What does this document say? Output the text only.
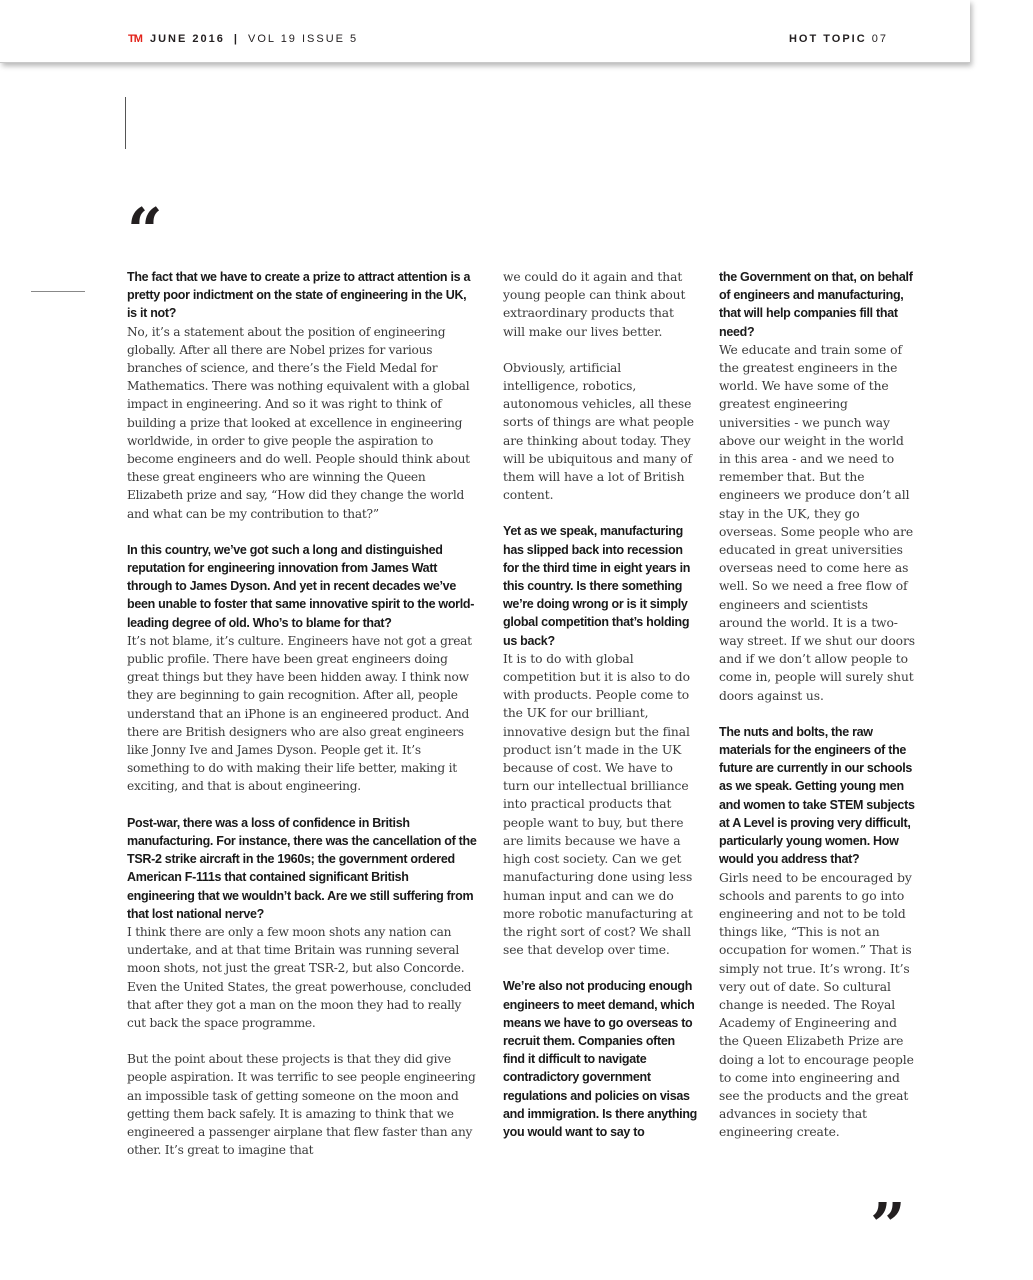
TM JUNE 2016 | VOL 19 ISSUE 5	HOT TOPIC 07
“

The fact that we have to create a prize to attract attention is a pretty poor indictment on the state of engineering in the UK, is it not?
No, it’s a statement about the position of engineering globally. After all there are Nobel prizes for various branches of science, and there’s the Field Medal for Mathematics. There was nothing equivalent with a global impact in engineering. And so it was right to think of building a prize that looked at excellence in engineering worldwide, in order to give people the aspiration to become engineers and do well. People should think about these great engineers who are winning the Queen Elizabeth prize and say, “How did they change the world and what can be my contribution to that?”

In this country, we’ve got such a long and distinguished reputation for engineering innovation from James Watt through to James Dyson. And yet in recent decades we’ve been unable to foster that same innovative spirit to the world-leading degree of old. Who’s to blame for that?
It’s not blame, it’s culture. Engineers have not got a great public profile. There have been great engineers doing great things but they have been hidden away. I think now they are beginning to gain recognition. After all, people understand that an iPhone is an engineered product. And there are British designers who are also great engineers like Jonny Ive and James Dyson. People get it. It’s something to do with making their life better, making it exciting, and that is about engineering.

Post-war, there was a loss of confidence in British manufacturing. For instance, there was the cancellation of the TSR-2 strike aircraft in the 1960s; the government ordered American F-111s that contained significant British engineering that we wouldn’t back. Are we still suffering from that lost national nerve?
I think there are only a few moon shots any nation can undertake, and at that time Britain was running several moon shots, not just the great TSR-2, but also Concorde. Even the United States, the great powerhouse, concluded that after they got a man on the moon they had to really cut back the space programme.

But the point about these projects is that they did give people aspiration. It was terrific to see people engineering an impossible task of getting someone on the moon and getting them back safely. It is amazing to think that we engineered a passenger airplane that flew faster than any other. It’s great to imagine that

we could do it again and that young people can think about extraordinary products that will make our lives better.

Obviously, artificial intelligence, robotics, autonomous vehicles, all these sorts of things are what people are thinking about today. They will be ubiquitous and many of them will have a lot of British content.

Yet as we speak, manufacturing has slipped back into recession for the third time in eight years in this country. Is there something we’re doing wrong or is it simply global competition that’s holding us back?
It is to do with global competition but it is also to do with products. People come to the UK for our brilliant, innovative design but the final product isn’t made in the UK because of cost. We have to turn our intellectual brilliance into practical products that people want to buy, but there are limits because we have a high cost society. Can we get manufacturing done using less human input and can we do more robotic manufacturing at the right sort of cost? We shall see that develop over time.

We’re also not producing enough engineers to meet demand, which means we have to go overseas to recruit them. Companies often find it difficult to navigate contradictory government regulations and policies on visas and immigration. Is there anything you would want to say to

the Government on that, on behalf of engineers and manufacturing, that will help companies fill that need?
We educate and train some of the greatest engineers in the world. We have some of the greatest engineering universities - we punch way above our weight in the world in this area - and we need to remember that. But the engineers we produce don’t all stay in the UK, they go overseas. Some people who are educated in great universities overseas need to come here as well. So we need a free flow of engineers and scientists around the world. It is a two-way street. If we shut our doors and if we don’t allow people to come in, people will surely shut doors against us.

The nuts and bolts, the raw materials for the engineers of the future are currently in our schools as we speak. Getting young men and women to take STEM subjects at A Level is proving very difficult, particularly young women. How would you address that?
Girls need to be encouraged by schools and parents to go into engineering and not to be told things like, “This is not an occupation for women.” That is simply not true. It’s wrong. It’s very out of date. So cultural change is needed. The Royal Academy of Engineering and the Queen Elizabeth Prize are doing a lot to encourage people to come into engineering and see the products and the great advances in society that engineering create.

”
